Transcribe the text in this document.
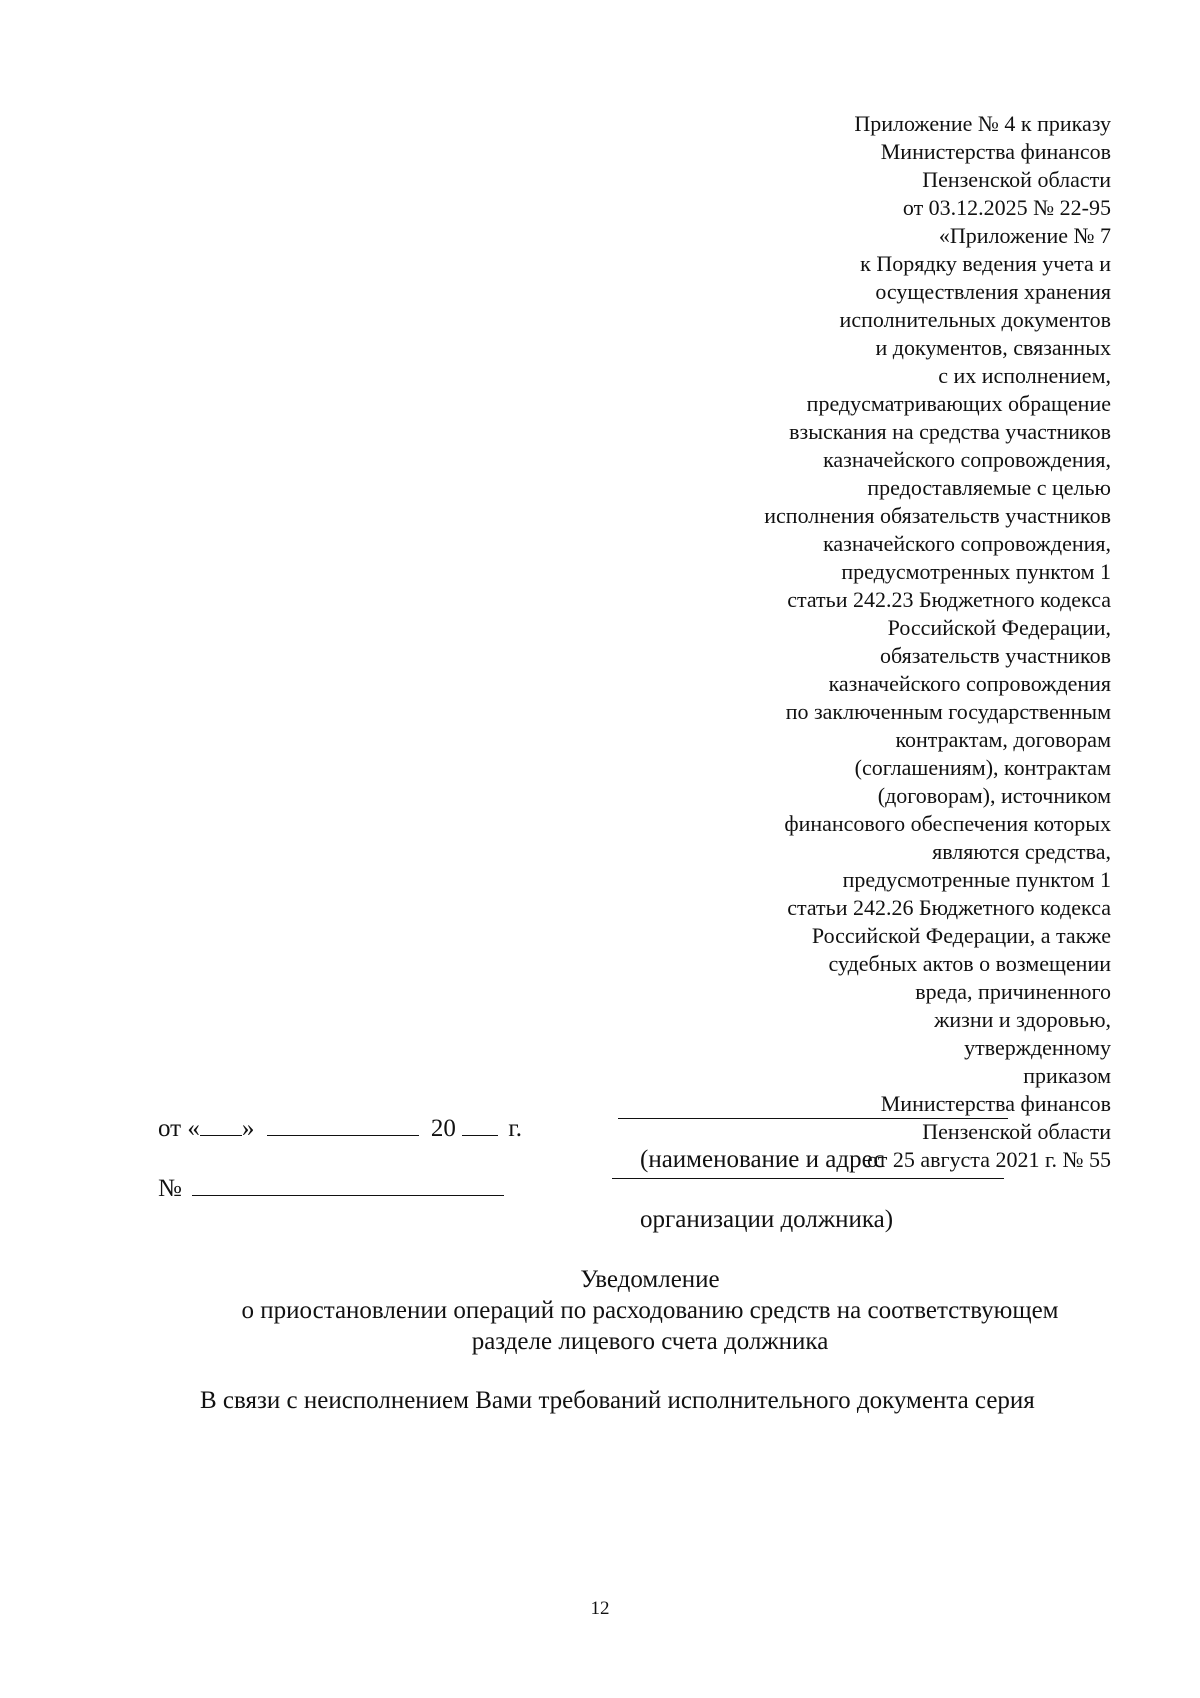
Приложение № 4 к приказу
Министерства финансов
Пензенской области
от 03.12.2025 № 22-95
«Приложение № 7
к Порядку ведения учета и
осуществления хранения
исполнительных документов
и документов, связанных
с их исполнением,
предусматривающих обращение
взыскания на средства участников
казначейского сопровождения,
предоставляемые с целью
исполнения обязательств участников
казначейского сопровождения,
предусмотренных пунктом 1
статьи 242.23 Бюджетного кодекса
Российской Федерации,
обязательств участников
казначейского сопровождения
по заключенным государственным
контрактам, договорам
(соглашениям), контрактам
(договорам), источником
финансового обеспечения которых
являются средства,
предусмотренные пунктом 1
статьи 242.26 Бюджетного кодекса
Российской Федерации, а также
судебных актов о возмещении
вреда, причиненного
жизни и здоровью,
утвержденному
приказом
Министерства финансов
Пензенской области
от 25 августа 2021 г. № 55
от « »	20 г.
№
(наименование и адрес
организации должника)
Уведомление
о приостановлении операций по расходованию средств на соответствующем
разделе лицевого счета должника
В связи с неисполнением Вами требований исполнительного документа серия
12
